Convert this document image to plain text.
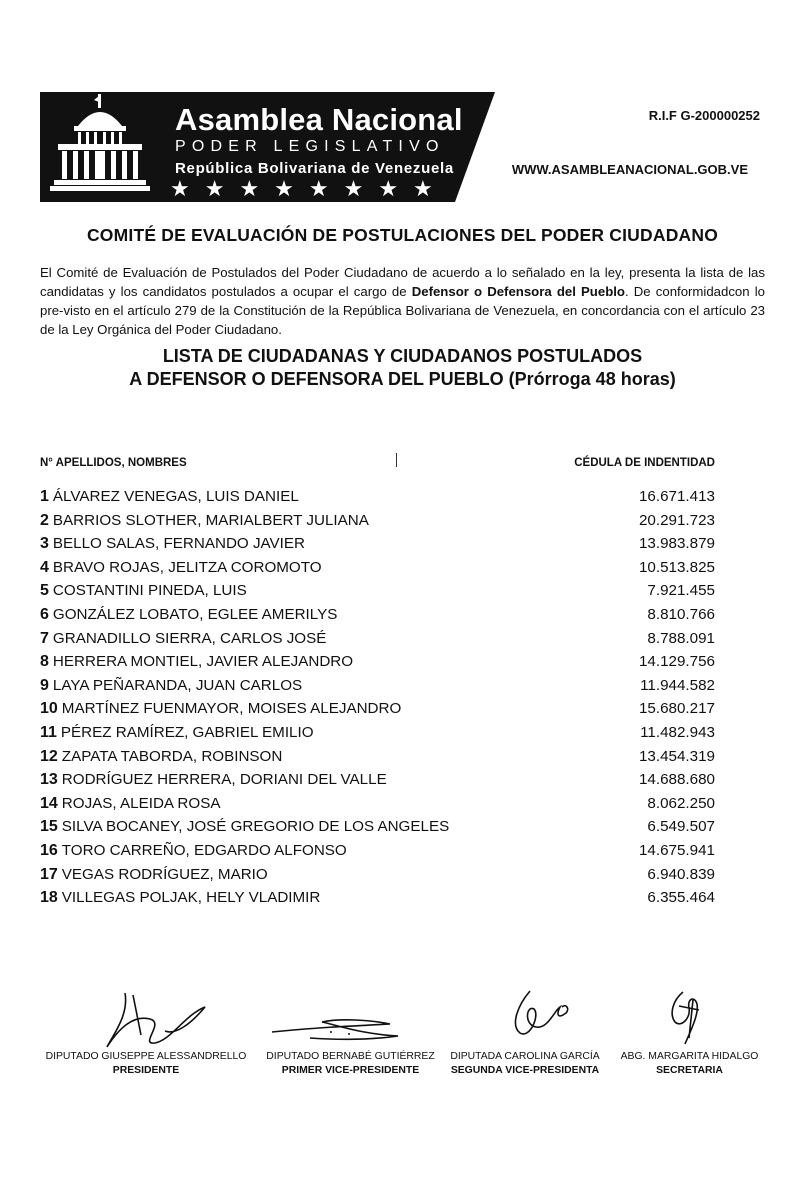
Asamblea Nacional
PODER LEGISLATIVO
República Bolivariana de Venezuela
★★★★★★★★
R.I.F G-200000252
WWW.ASAMBLEANACIONAL.GOB.VE
COMITÉ DE EVALUACIÓN DE POSTULACIONES DEL PODER CIUDADANO
El Comité de Evaluación de Postulados del Poder Ciudadano de acuerdo a lo señalado en la ley, presenta la lista de las candidatas y los candidatos postulados a ocupar el cargo de Defensor o Defensora del Pueblo. De conformidadcon lo pre-visto en el artículo 279 de la Constitución de la República Bolivariana de Venezuela, en concordancia con el artículo 23 de la Ley Orgánica del Poder Ciudadano.
LISTA DE CIUDADANAS Y CIUDADANOS POSTULADOS
A DEFENSOR O DEFENSORA DEL PUEBLO (Prórroga 48 horas)
N° APELLIDOS, NOMBRES	CÉDULA DE INDENTIDAD
1 ÁLVAREZ VENEGAS, LUIS DANIEL	16.671.413
2 BARRIOS SLOTHER, MARIALBERT JULIANA	20.291.723
3 BELLO SALAS, FERNANDO JAVIER	13.983.879
4 BRAVO ROJAS, JELITZA COROMOTO	10.513.825
5 COSTANTINI PINEDA, LUIS	7.921.455
6 GONZÁLEZ LOBATO, EGLEE AMERILYS	8.810.766
7 GRANADILLO SIERRA, CARLOS JOSÉ	8.788.091
8 HERRERA MONTIEL, JAVIER ALEJANDRO	14.129.756
9 LAYA PEÑARANDA, JUAN CARLOS	11.944.582
10 MARTÍNEZ FUENMAYOR, MOISES ALEJANDRO	15.680.217
11 PÉREZ RAMÍREZ, GABRIEL EMILIO	11.482.943
12 ZAPATA TABORDA, ROBINSON	13.454.319
13 RODRÍGUEZ HERRERA, DORIANI DEL VALLE	14.688.680
14 ROJAS, ALEIDA ROSA	8.062.250
15 SILVA BOCANEY, JOSÉ GREGORIO DE LOS ANGELES	6.549.507
16 TORO CARREÑO, EDGARDO ALFONSO	14.675.941
17 VEGAS RODRÍGUEZ, MARIO	6.940.839
18 VILLEGAS POLJAK, HELY VLADIMIR	6.355.464
DIPUTADO GIUSEPPE ALESSANDRELLO
PRESIDENTE
DIPUTADO BERNABÉ GUTIÉRREZ
PRIMER VICE-PRESIDENTE
DIPUTADA CAROLINA GARCÍA
SEGUNDA VICE-PRESIDENTA
ABG. MARGARITA HIDALGO
SECRETARIA
